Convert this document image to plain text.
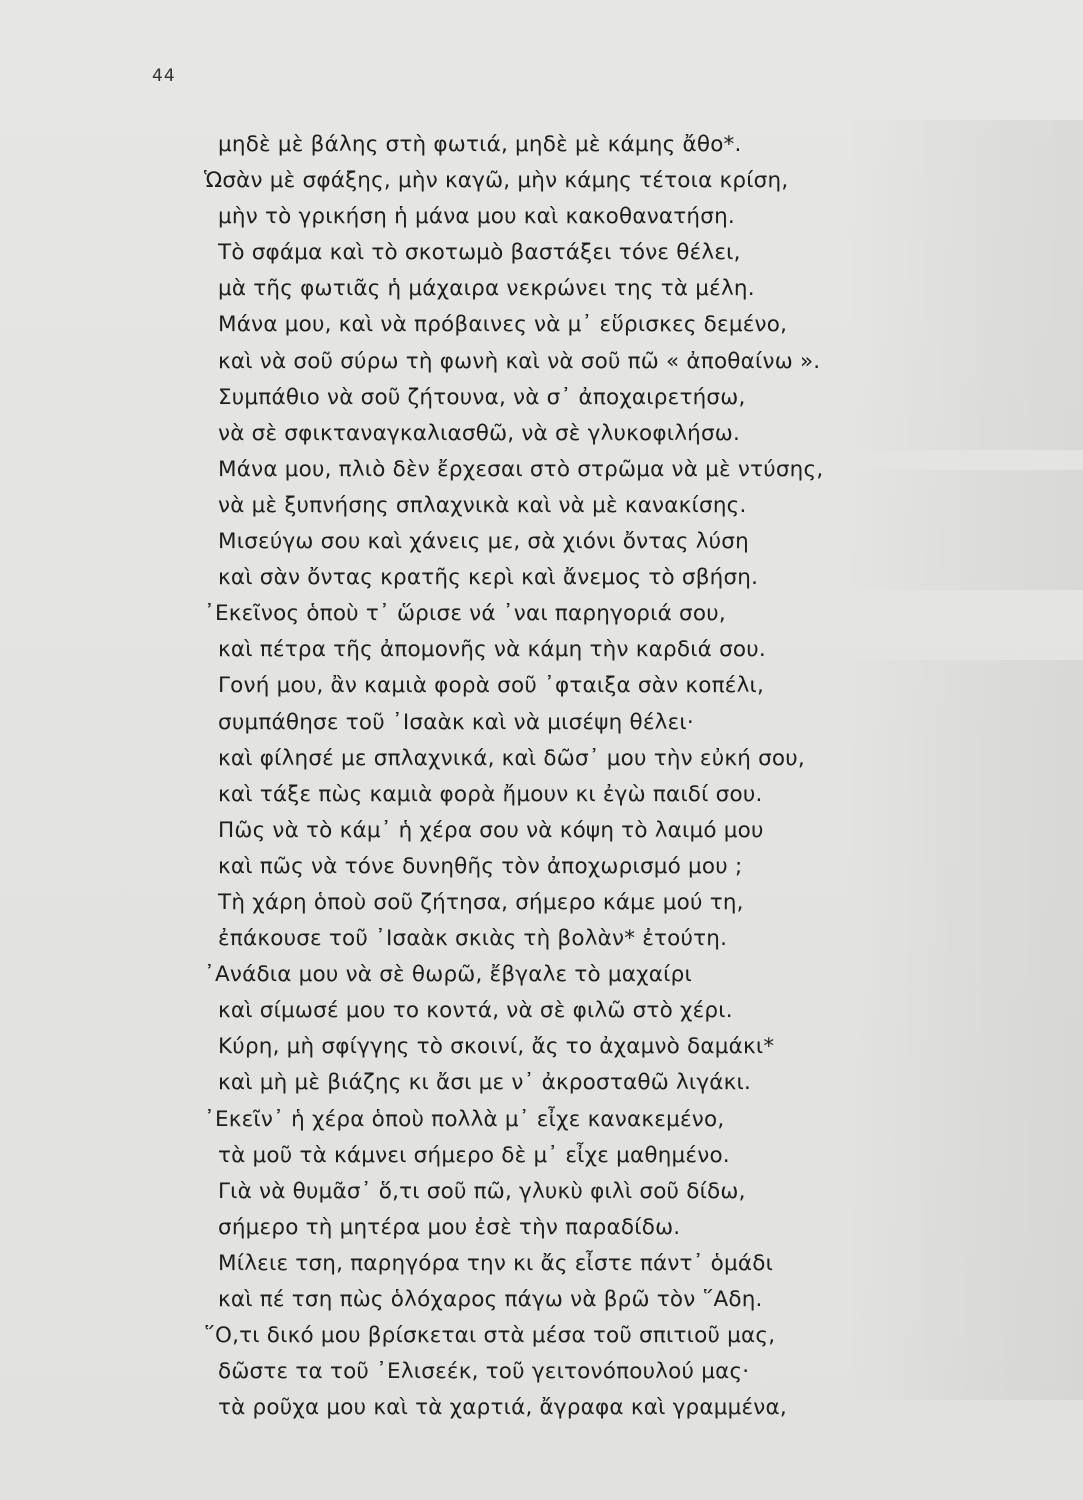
44
μηδὲ μὲ βάλης στὴ φωτιά, μηδὲ μὲ κάμης ἄθο*.
Ὡσὰν μὲ σφάξης, μὴν καγῶ, μὴν κάμης τέτοια κρίση,
μὴν τὸ γρικήση ἡ μάνα μου καὶ κακοθανατήση.
Τὸ σφάμα καὶ τὸ σκοτωμὸ βαστάξει τόνε θέλει,
μὰ τῆς φωτιᾶς ἡ μάχαιρα νεκρώνει της τὰ μέλη.
Μάνα μου, καὶ νὰ πρόβαινες νὰ μ᾽ εὕρισκες δεμένο,
καὶ νὰ σοῦ σύρω τὴ φωνὴ καὶ νὰ σοῦ πῶ « ἀποθαίνω ».
Συμπάθιο νὰ σοῦ ζήτουνα, νὰ σ᾽ ἀποχαιρετήσω,
νὰ σὲ σφικταναγκαλιασθῶ, νὰ σὲ γλυκοφιλήσω.
Μάνα μου, πλιὸ δὲν ἔρχεσαι στὸ στρῶμα νὰ μὲ ντύσης,
νὰ μὲ ξυπνήσης σπλαχνικὰ καὶ νὰ μὲ κανακίσης.
Μισεύγω σου καὶ χάνεις με, σὰ χιόνι ὄντας λύση
καὶ σὰν ὄντας κρατῆς κερὶ καὶ ἄνεμος τὸ σβήση.
᾽Εκεῖνος ὁποὺ τ᾽ ὥρισε νά ᾽ναι παρηγοριά σου,
καὶ πέτρα τῆς ἀπομονῆς νὰ κάμη τὴν καρδιά σου.
Γονή μου, ἂν καμιὰ φορὰ σοῦ ᾽φταιξα σὰν κοπέλι,
συμπάθησε τοῦ ᾽Ισαὰκ καὶ νὰ μισέψη θέλει·
καὶ φίλησέ με σπλαχνικά, καὶ δῶσ᾽ μου τὴν εὐκή σου,
καὶ τάξε πὼς καμιὰ φορὰ ἤμουν κι ἐγὼ παιδί σου.
Πῶς νὰ τὸ κάμ᾽ ἡ χέρα σου νὰ κόψη τὸ λαιμό μου
καὶ πῶς νὰ τόνε δυνηθῆς τὸν ἀποχωρισμό μου ;
Τὴ χάρη ὁποὺ σοῦ ζήτησα, σήμερο κάμε μού τη,
ἐπάκουσε τοῦ ᾽Ισαὰκ σκιὰς τὴ βολὰν* ἐτούτη.
᾽Ανάδια μου νὰ σὲ θωρῶ, ἔβγαλε τὸ μαχαίρι
καὶ σίμωσέ μου το κοντά, νὰ σὲ φιλῶ στὸ χέρι.
Κύρη, μὴ σφίγγης τὸ σκοινί, ἄς το ἀχαμνὸ δαμάκι*
καὶ μὴ μὲ βιάζης κι ἄσι με ν᾽ ἀκροσταθῶ λιγάκι.
᾽Εκεῖν᾽ ἡ χέρα ὁποὺ πολλὰ μ᾽ εἶχε κανακεμένο,
τὰ μοῦ τὰ κάμνει σήμερο δὲ μ᾽ εἶχε μαθημένο.
Γιὰ νὰ θυμᾶσ᾽ ὅ,τι σοῦ πῶ, γλυκὺ φιλὶ σοῦ δίδω,
σήμερο τὴ μητέρα μου ἐσὲ τὴν παραδίδω.
Μίλειε τση, παρηγόρα την κι ἄς εἶστε πάντ᾽ ὁμάδι
καὶ πέ τση πὼς ὁλόχαρος πάγω νὰ βρῶ τὸν ῞Αδη.
῞Ο,τι δικό μου βρίσκεται στὰ μέσα τοῦ σπιτιοῦ μας,
δῶστε τα τοῦ ᾽Ελισεέκ, τοῦ γειτονόπουλού μας·
τὰ ροῦχα μου καὶ τὰ χαρτιά, ἄγραφα καὶ γραμμένα,
